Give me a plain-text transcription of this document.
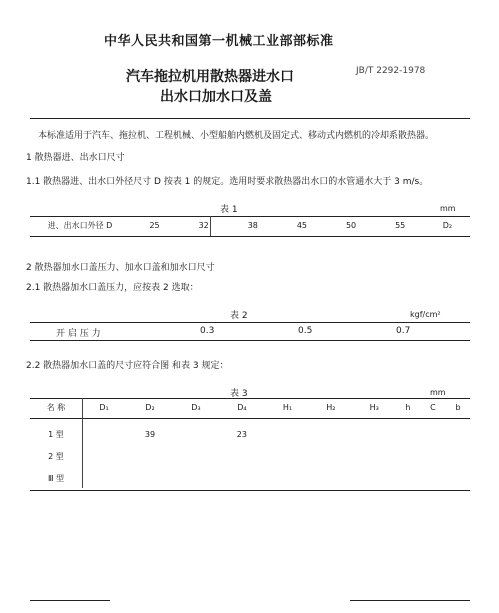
中华人民共和国第一机械工业部部标准
汽车拖拉机用散热器进水口
出水口加水口及盖
JB/T 2292-1978
本标准适用于汽车、拖拉机、工程机械、小型船舶内燃机及固定式、移动式内燃机的冷却系散热器。
1 散热器进、出水口尺寸
1.1 散热器进、出水口外径尺寸 D 按表 1 的规定。选用时要求散热器出水口的水管通水大于 3 m/s。
表 1	mm
进、出水口外径 D	25	32	38	45	50	55	D₂
2 散热器加水口盖压力、加水口盖和加水口尺寸
2.1 散热器加水口盖压力，应按表 2 选取：
表 2	kgf/cm²
开 启 压 力	0.3	0.5	0.7
2.2 散热器加水口盖的尺寸应符合图 和表 3 规定：
表 3	mm
名 称	D₁	D₂	D₃	D₄	H₁	H₂	H₃	h	C	b	

1 型		39		23							
2 型											
Ⅲ 型											
